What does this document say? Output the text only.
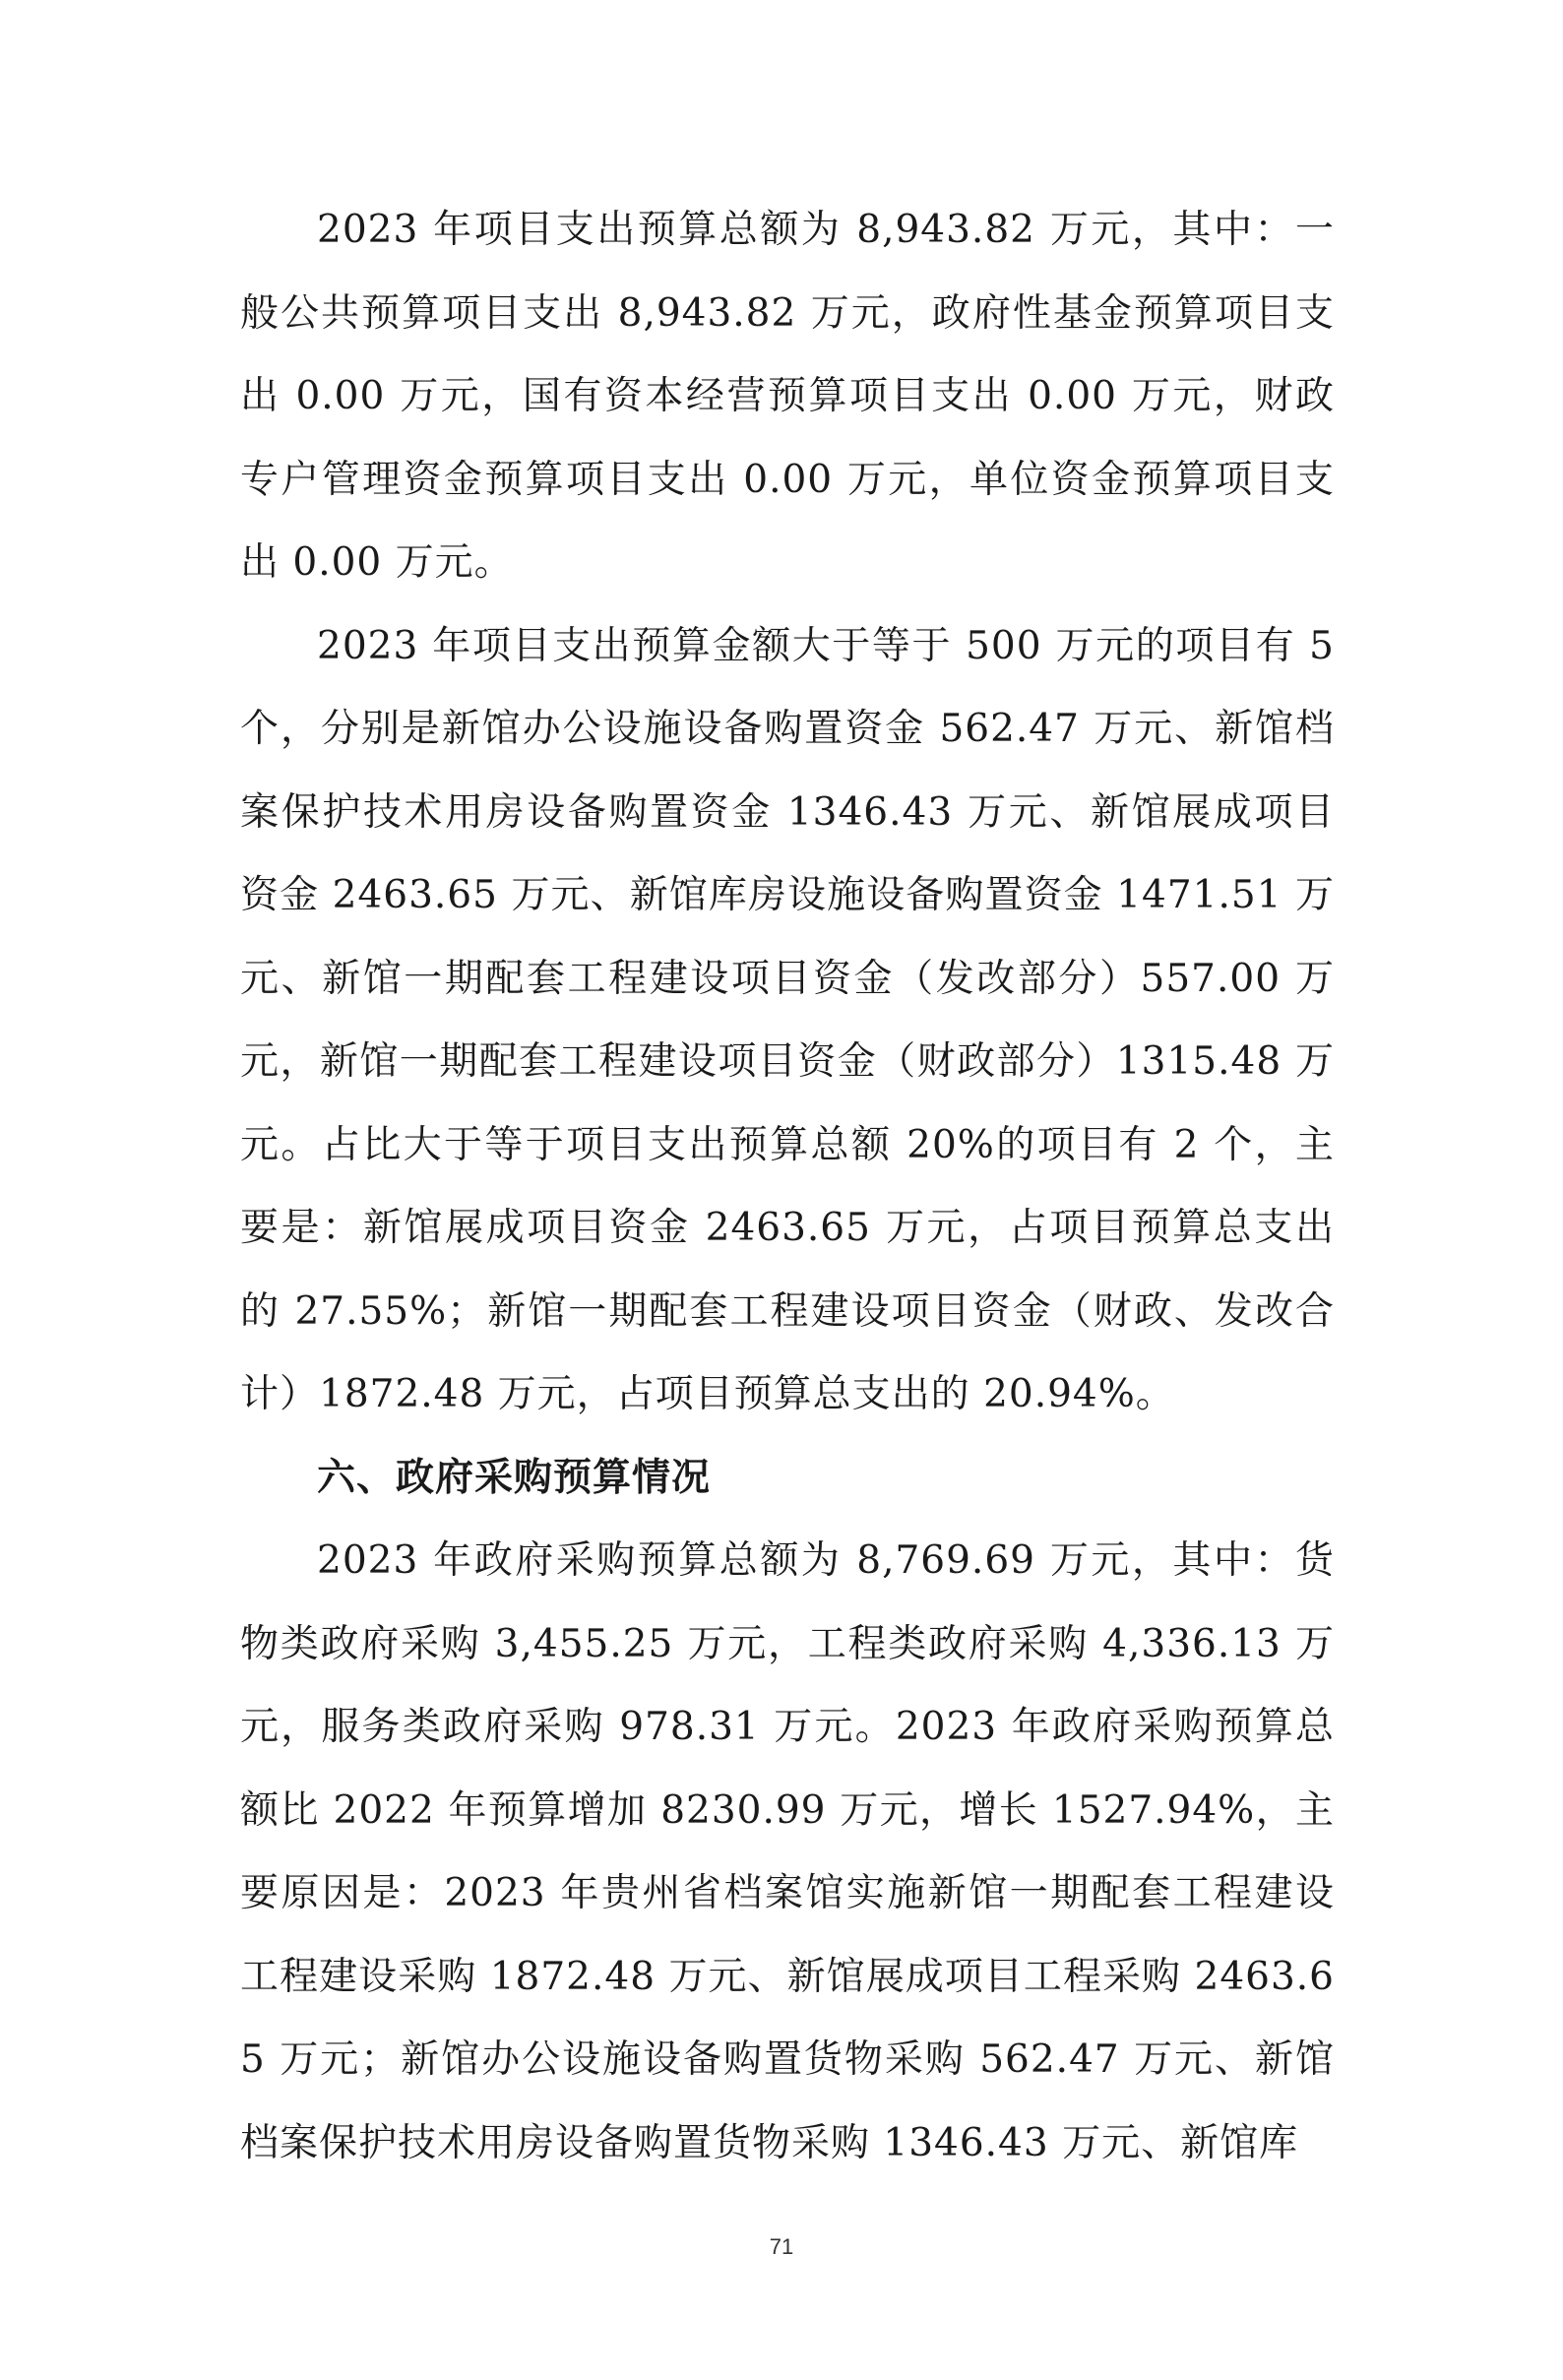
2023 年项目支出预算总额为 8,943.82 万元，其中：一般公共预算项目支出 8,943.82 万元，政府性基金预算项目支出 0.00 万元，国有资本经营预算项目支出 0.00 万元，财政专户管理资金预算项目支出 0.00 万元，单位资金预算项目支出 0.00 万元。

2023 年项目支出预算金额大于等于 500 万元的项目有 5 个，分别是新馆办公设施设备购置资金 562.47 万元、新馆档案保护技术用房设备购置资金 1346.43 万元、新馆展成项目资金 2463.65 万元、新馆库房设施设备购置资金 1471.51 万元、新馆一期配套工程建设项目资金（发改部分）557.00 万元，新馆一期配套工程建设项目资金（财政部分）1315.48 万元。占比大于等于项目支出预算总额 20%的项目有 2 个，主要是：新馆展成项目资金 2463.65 万元，占项目预算总支出的 27.55%；新馆一期配套工程建设项目资金（财政、发改合计）1872.48 万元，占项目预算总支出的 20.94%。

六、政府采购预算情况

2023 年政府采购预算总额为 8,769.69 万元，其中：货物类政府采购 3,455.25 万元，工程类政府采购 4,336.13 万元，服务类政府采购 978.31 万元。2023 年政府采购预算总额比 2022 年预算增加 8230.99 万元，增长 1527.94%，主要原因是：2023 年贵州省档案馆实施新馆一期配套工程建设工程建设采购 1872.48 万元、新馆展成项目工程采购 2463.65 万元；新馆办公设施设备购置货物采购 562.47 万元、新馆档案保护技术用房设备购置货物采购 1346.43 万元、新馆库

71
